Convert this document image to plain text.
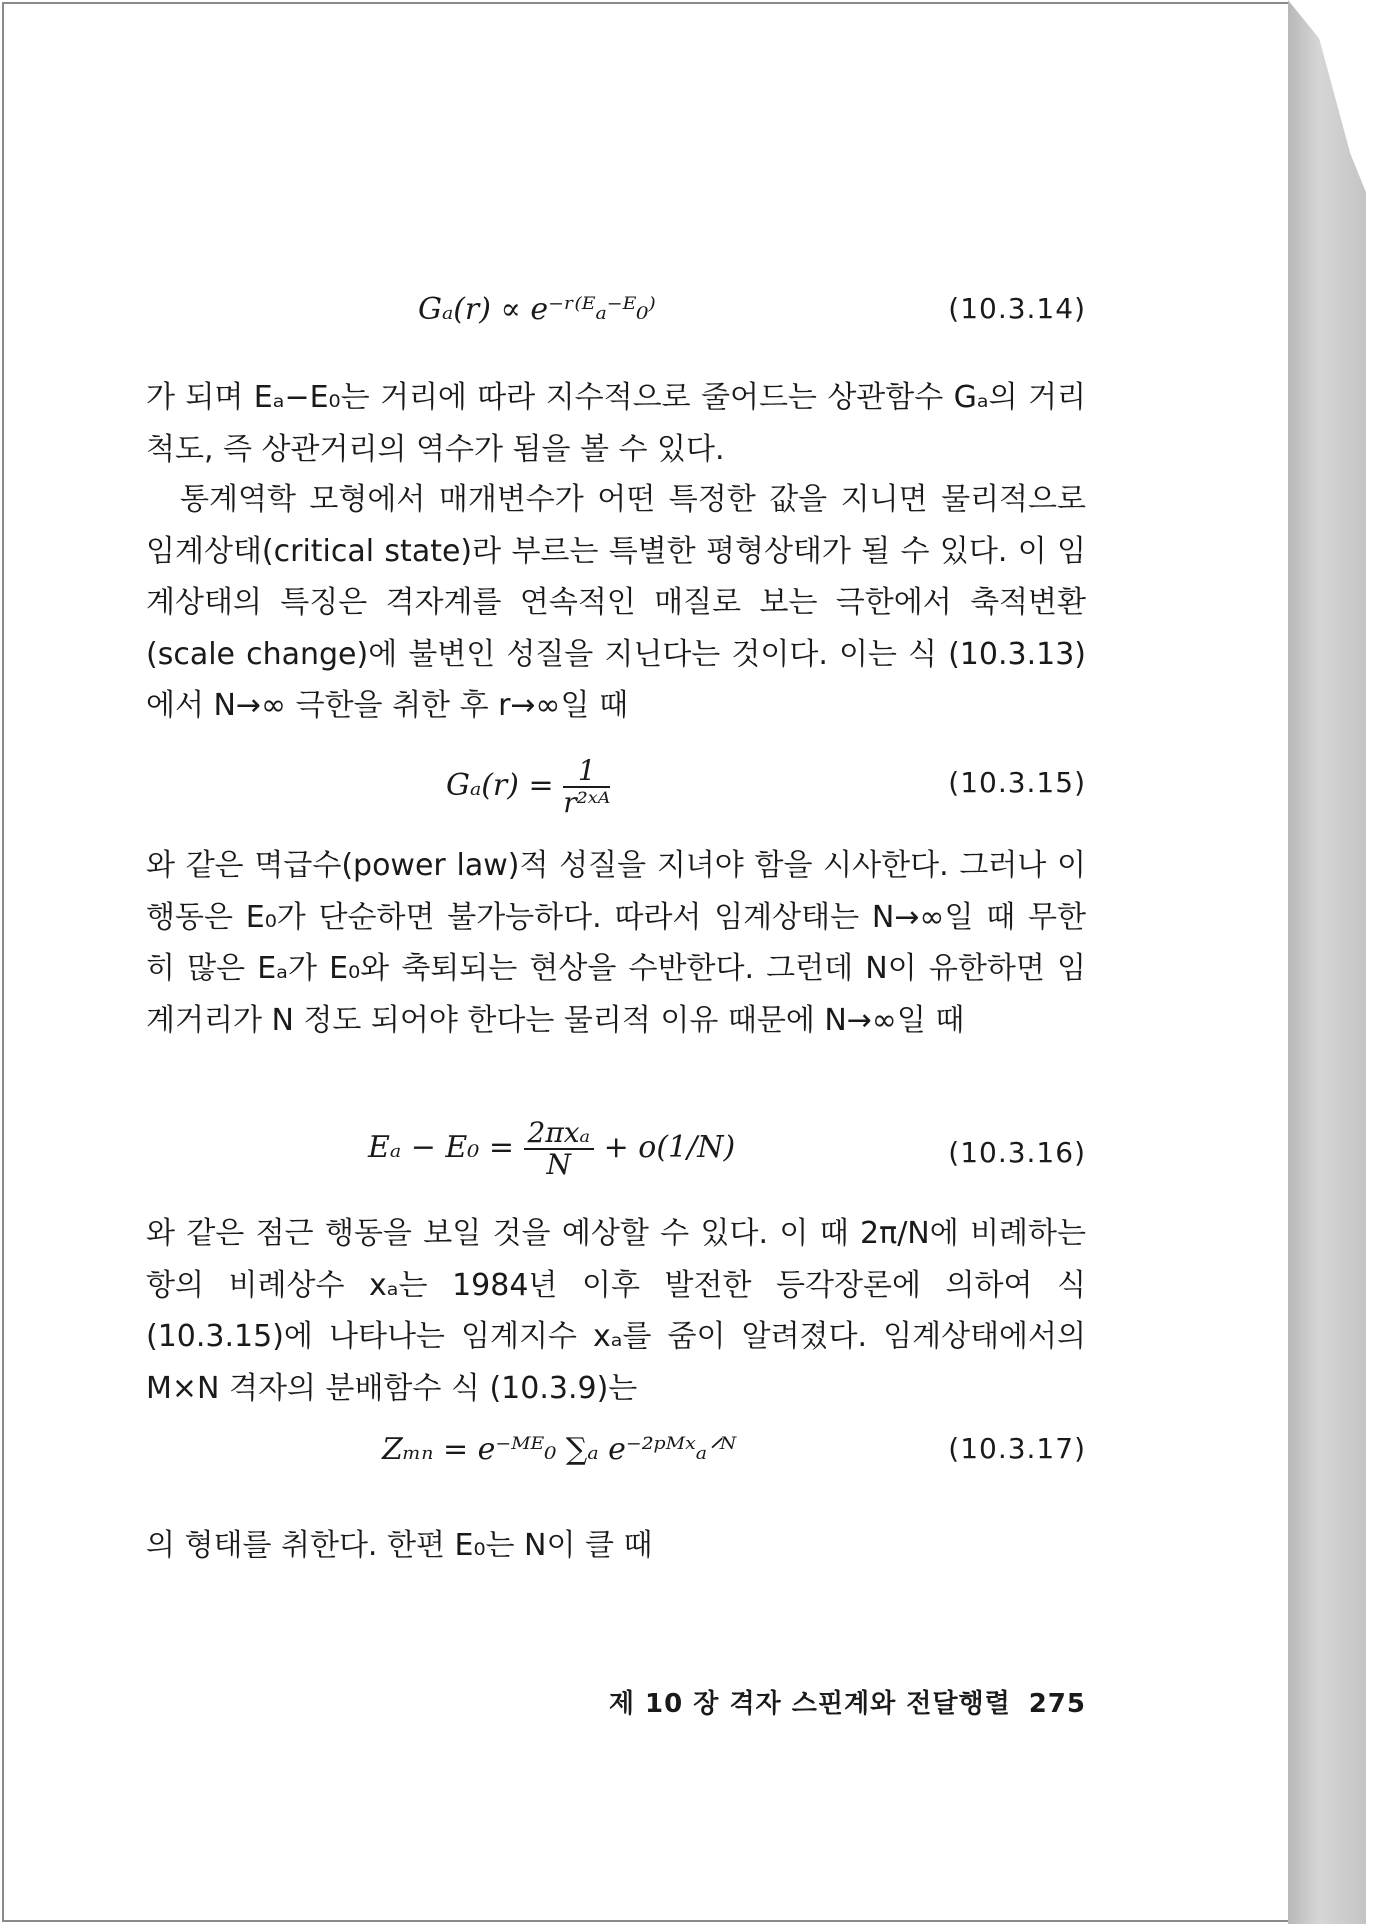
Gₐ(r) ∝ e⁻ʳ⁽ᴱₐ⁻ᴱ₀⁾	(10.3.14)

가 되며 Eₐ−E₀는 거리에 따라 지수적으로 줄어드는 상관함수 Gₐ의 거리척도, 즉 상관거리의 역수가 됨을 볼 수 있다.

통계역학 모형에서 매개변수가 어떤 특정한 값을 지니면 물리적으로 임계상태(critical state)라 부르는 특별한 평형상태가 될 수 있다. 이 임계상태의 특징은 격자계를 연속적인 매질로 보는 극한에서 축적변환(scale change)에 불변인 성질을 지닌다는 것이다. 이는 식 (10.3.13)에서 N→∞ 극한을 취한 후 r→∞일 때

$G_a(r) = \frac{1}{\text{r²ˣᴬ}}$	(10.3.15)

와 같은 멱급수(power law)적 성질을 지녀야 함을 시사한다. 그러나 이 행동은 E₀가 단순하면 불가능하다. 따라서 임계상태는 N→∞일 때 무한히 많은 Eₐ가 E₀와 축퇴되는 현상을 수반한다. 그런데 N이 유한하면 임계거리가 N 정도 되어야 한다는 물리적 이유 때문에 N→∞일 때

$E_a - E_0 = \frac{\text{2πxₐ}}{N} + o(1/N)$	(10.3.16)

와 같은 점근 행동을 보일 것을 예상할 수 있다. 이 때 2π/N에 비례하는 항의 비례상수 xₐ는 1984년 이후 발전한 등각장론에 의하여 식 (10.3.15)에 나타나는 임계지수 xₐ를 줌이 알려졌다. 임계상태에서의 M×N 격자의 분배함수 식 (10.3.9)는

Zₘₙ = e⁻ᴹᴱ₀ ∑ₐ e⁻²ᵖᴹˣₐᐟᴺ	(10.3.17)

의 형태를 취한다. 한편 E₀는 N이 클 때

제 10 장 격자 스핀계와 전달행렬 275
